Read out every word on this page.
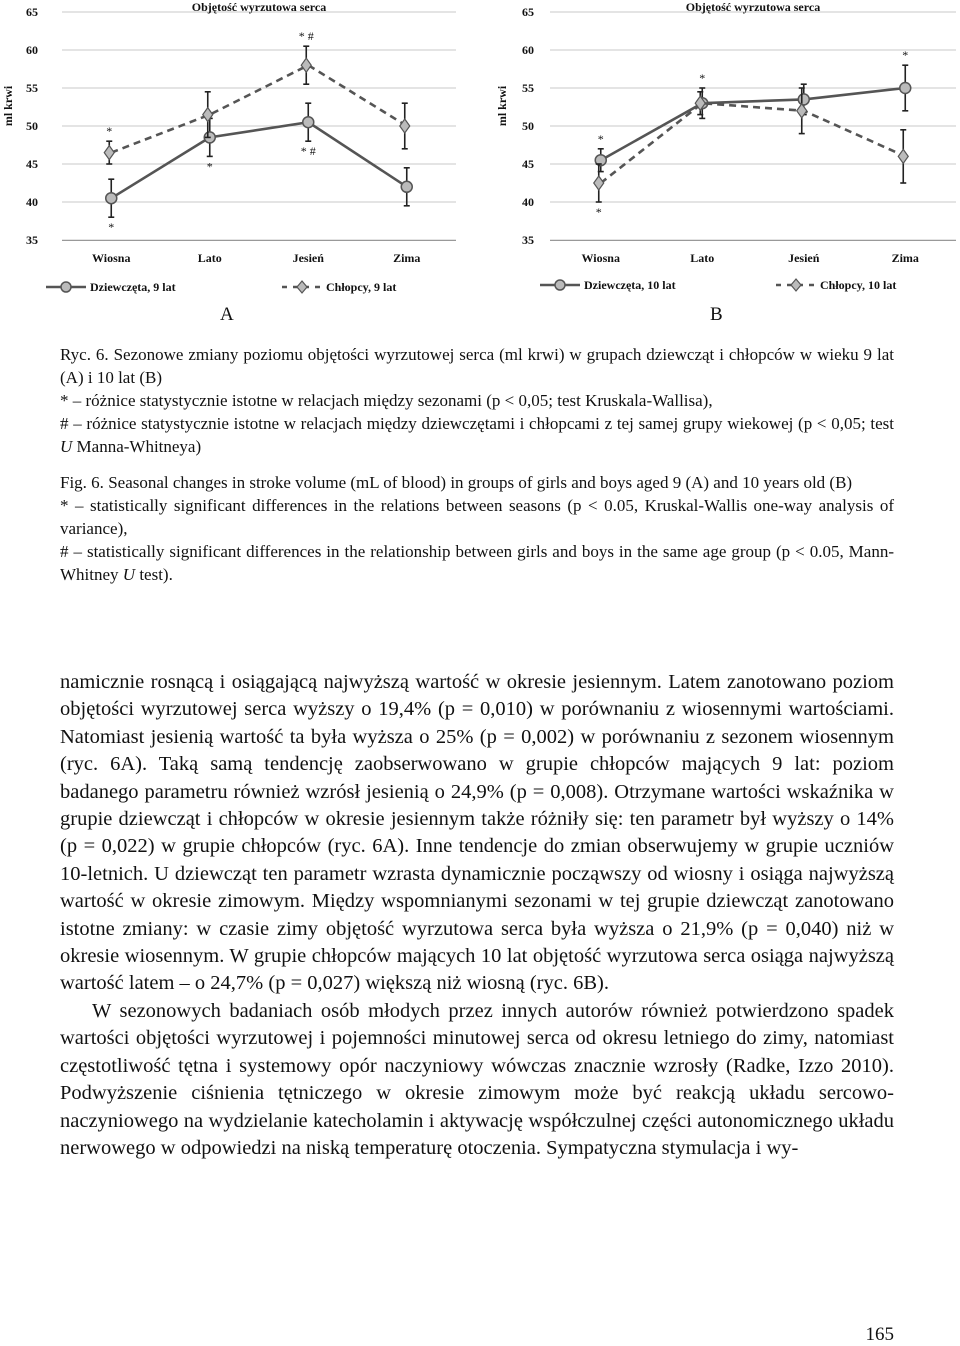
35
40
45
50
55
60
65	Objętość wyrzutowa serca
ml krwi
Wiosna	Lato	Jesień	Zima
*
*
* #
*
* #
Dziewczęta, 9 lat	Chłopcy, 9 lat
35
40
45
50
55
60
65	Objętość wyrzutowa serca
ml krwi
Wiosna	Lato	Jesień	Zima
*
*
*
*
Dziewczęta, 10 lat	Chłopcy, 10 lat
A	B

Ryc. 6. Sezonowe zmiany poziomu objętości wyrzutowej serca (ml krwi) w grupach dziewcząt i chłopców w wieku 9 lat (A) i 10 lat (B)

* – różnice statystycznie istotne w relacjach między sezonami (p < 0,05; test Kruskala-Wallisa),

# – różnice statystycznie istotne w relacjach między dziewczętami i chłopcami z tej samej grupy wiekowej (p < 0,05; test U Manna-Whitneya)

Fig. 6. Seasonal changes in stroke volume (mL of blood) in groups of girls and boys aged 9 (A) and 10 years old (B)

* – statistically significant differences in the relations between seasons (p < 0.05, Kruskal-Wallis one-way analysis of variance),

# – statistically significant differences in the relationship between girls and boys in the same age group (p < 0.05, Mann-Whitney U test).

namicznie rosnącą i osiągającą najwyższą wartość w okresie jesiennym. Latem zanotowano poziom objętości wyrzutowej serca wyższy o 19,4% (p = 0,010) w porównaniu z wiosennymi wartościami. Natomiast jesienią wartość ta była wyższa o 25% (p = 0,002) w porównaniu z sezonem wiosennym (ryc. 6A). Taką samą tendencję zaobserwowano w grupie chłopców mających 9 lat: poziom badanego parametru również wzrósł jesienią o 24,9% (p = 0,008). Otrzymane wartości wskaźnika w grupie dziewcząt i chłopców w okresie jesiennym także różniły się: ten parametr był wyższy o 14% (p = 0,022) w grupie chłopców (ryc. 6A). Inne tendencje do zmian obserwujemy w grupie uczniów 10-letnich. U dziewcząt ten parametr wzrasta dynamicznie począwszy od wiosny i osiąga najwyższą wartość w okresie zimowym. Między wspomnianymi sezonami w tej grupie dziewcząt zanotowano istotne zmiany: w czasie zimy objętość wyrzutowa serca była wyższa o 21,9% (p = 0,040) niż w okresie wiosennym. W grupie chłopców mających 10 lat objętość wyrzutowa serca osiąga najwyższą wartość latem – o 24,7% (p = 0,027) większą niż wiosną (ryc. 6B).

W sezonowych badaniach osób młodych przez innych autorów również potwierdzono spadek wartości objętości wyrzutowej i pojemności minutowej serca od okresu letniego do zimy, natomiast częstotliwość tętna i systemowy opór naczyniowy wówczas znacznie wzrosły (Radke, Izzo 2010). Podwyższenie ciśnienia tętniczego w okresie zimowym może być reakcją układu sercowo-naczyniowego na wydzielanie katecholamin i aktywację współczulnej części autonomicznego układu nerwowego w odpowiedzi na niską temperaturę otoczenia. Sympatyczna stymulacja i wy-

165
